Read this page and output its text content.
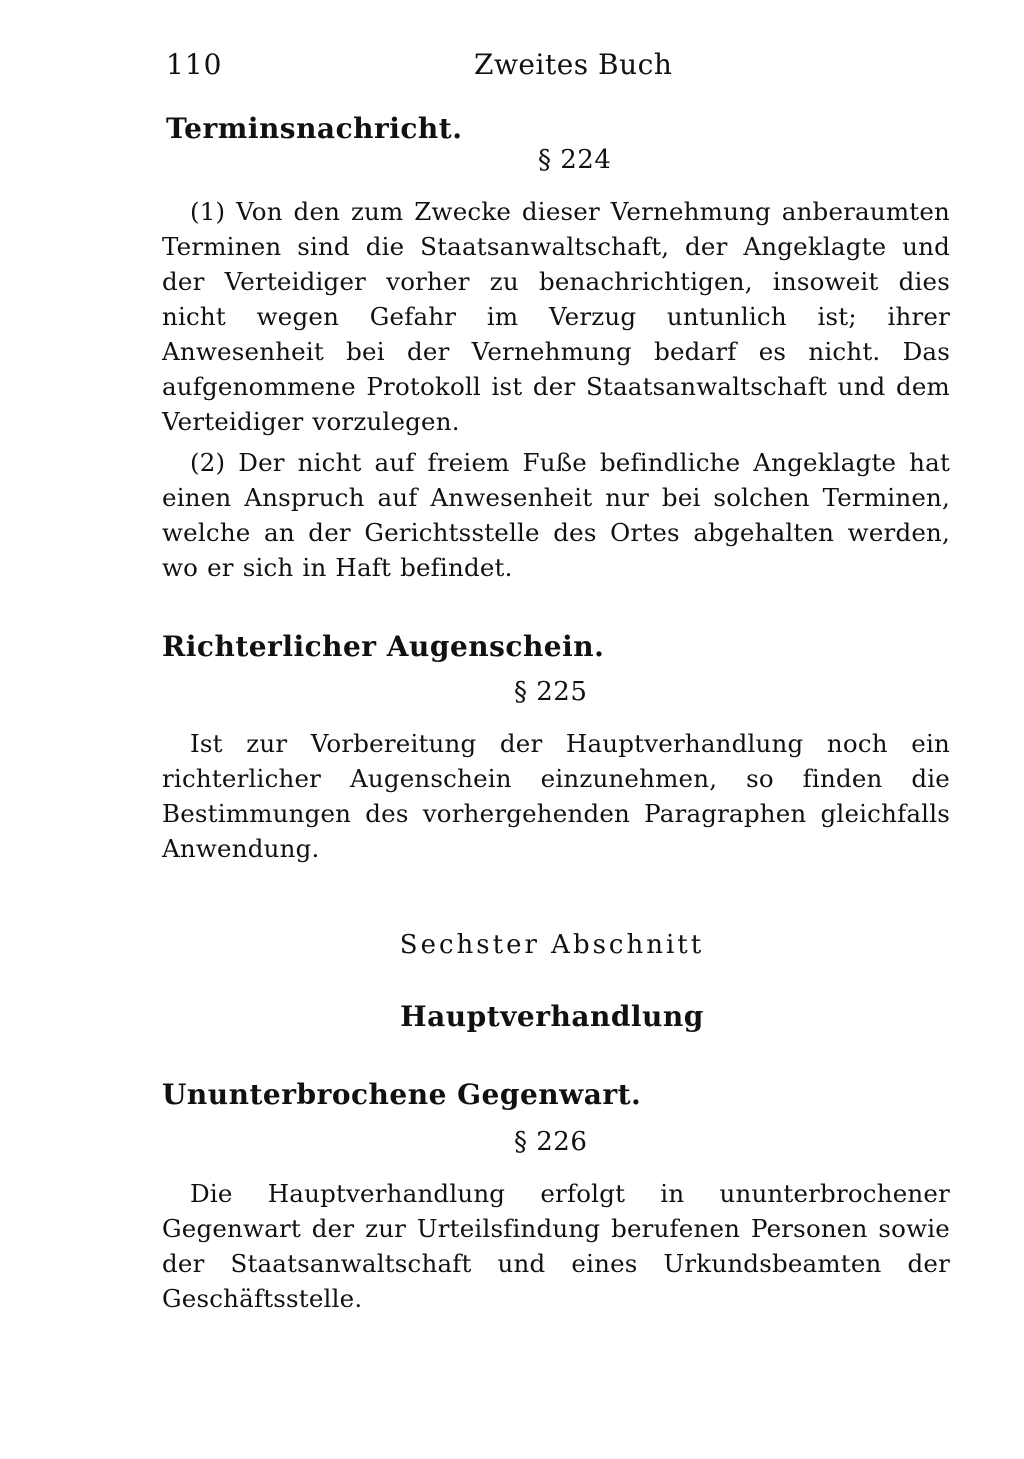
110	Zweites Buch
Terminsnachricht.
§ 224

(1) Von den zum Zwecke dieser Vernehmung anberaumten Terminen sind die Staatsanwaltschaft, der Angeklagte und der Verteidiger vorher zu benachrichtigen, insoweit dies nicht wegen Gefahr im Verzug untunlich ist; ihrer Anwesenheit bei der Vernehmung bedarf es nicht. Das aufgenommene Protokoll ist der Staatsanwaltschaft und dem Verteidiger vorzulegen.

(2) Der nicht auf freiem Fuße befindliche Angeklagte hat einen Anspruch auf Anwesenheit nur bei solchen Terminen, welche an der Gerichtsstelle des Ortes abgehalten werden, wo er sich in Haft befindet.

Richterlicher Augenschein.
§ 225

Ist zur Vorbereitung der Hauptverhandlung noch ein richterlicher Augenschein einzunehmen, so finden die Bestimmungen des vorhergehenden Paragraphen gleichfalls Anwendung.

Sechster Abschnitt
Hauptverhandlung
Ununterbrochene Gegenwart.
§ 226

Die Hauptverhandlung erfolgt in ununterbrochener Gegenwart der zur Urteilsfindung berufenen Personen sowie der Staatsanwaltschaft und eines Urkundsbeamten der Geschäftsstelle.
